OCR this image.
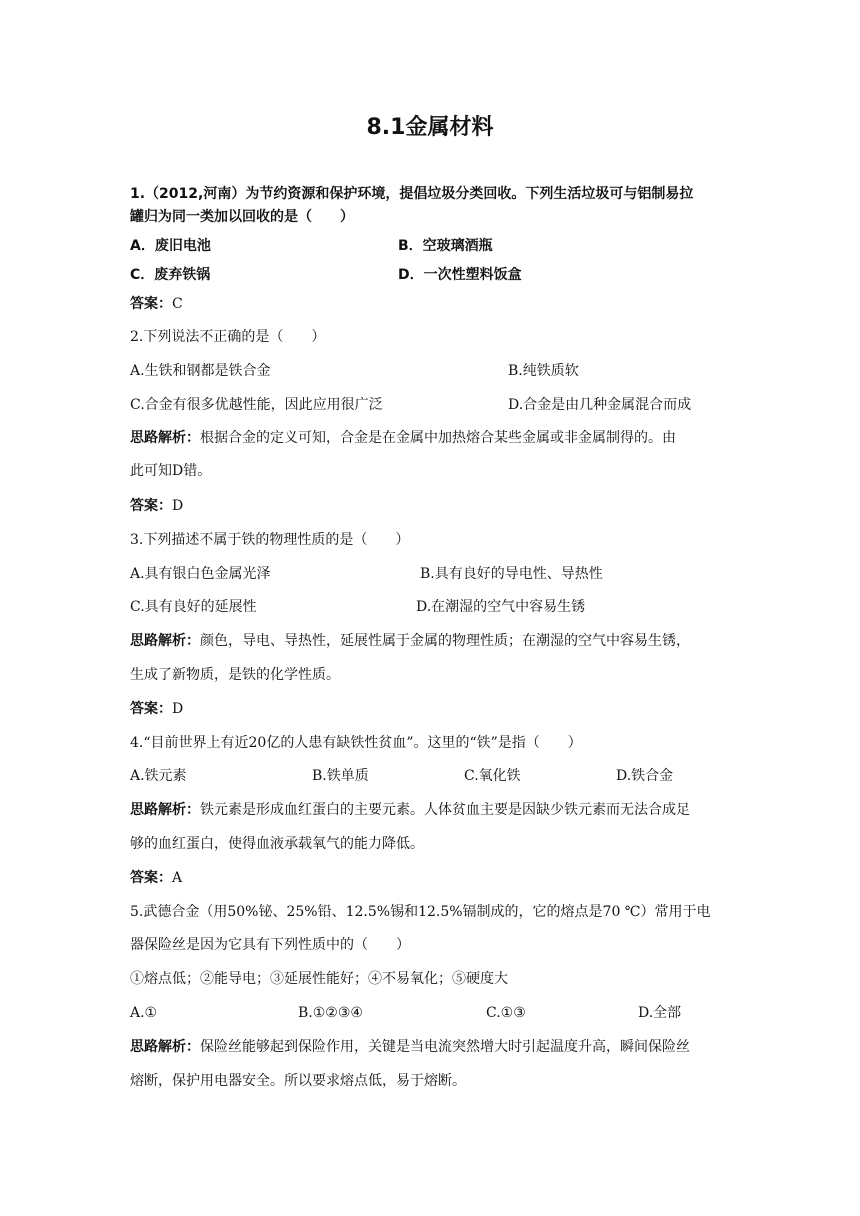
8.1金属材料
1.（2012,河南）为节约资源和保护环境，提倡垃圾分类回收。下列生活垃圾可与铝制易拉
罐归为同一类加以回收的是（　　）
A．废旧电池	B．空玻璃酒瓶
C．废弃铁锅	D．一次性塑料饭盒
答案：C
2.下列说法不正确的是（　　）
A.生铁和钢都是铁合金	B.纯铁质软
C.合金有很多优越性能，因此应用很广泛	D.合金是由几种金属混合而成
思路解析：根据合金的定义可知，合金是在金属中加热熔合某些金属或非金属制得的。由
此可知D错。
答案：D
3.下列描述不属于铁的物理性质的是（　　）
A.具有银白色金属光泽	B.具有良好的导电性、导热性
C.具有良好的延展性	D.在潮湿的空气中容易生锈
思路解析：颜色，导电、导热性，延展性属于金属的物理性质；在潮湿的空气中容易生锈，
生成了新物质，是铁的化学性质。
答案：D
4.“目前世界上有近20亿的人患有缺铁性贫血”。这里的“铁”是指（　　）
A.铁元素	B.铁单质	C.氧化铁	D.铁合金
思路解析：铁元素是形成血红蛋白的主要元素。人体贫血主要是因缺少铁元素而无法合成足
够的血红蛋白，使得血液承载氧气的能力降低。
答案：A
5.武德合金（用50%铋、25%铅、12.5%锡和12.5%镉制成的，它的熔点是70 ℃）常用于电
器保险丝是因为它具有下列性质中的（　　）
①熔点低；②能导电；③延展性能好；④不易氧化；⑤硬度大
A.①	B.①②③④	C.①③	D.全部
思路解析：保险丝能够起到保险作用，关键是当电流突然增大时引起温度升高，瞬间保险丝
熔断，保护用电器安全。所以要求熔点低，易于熔断。
